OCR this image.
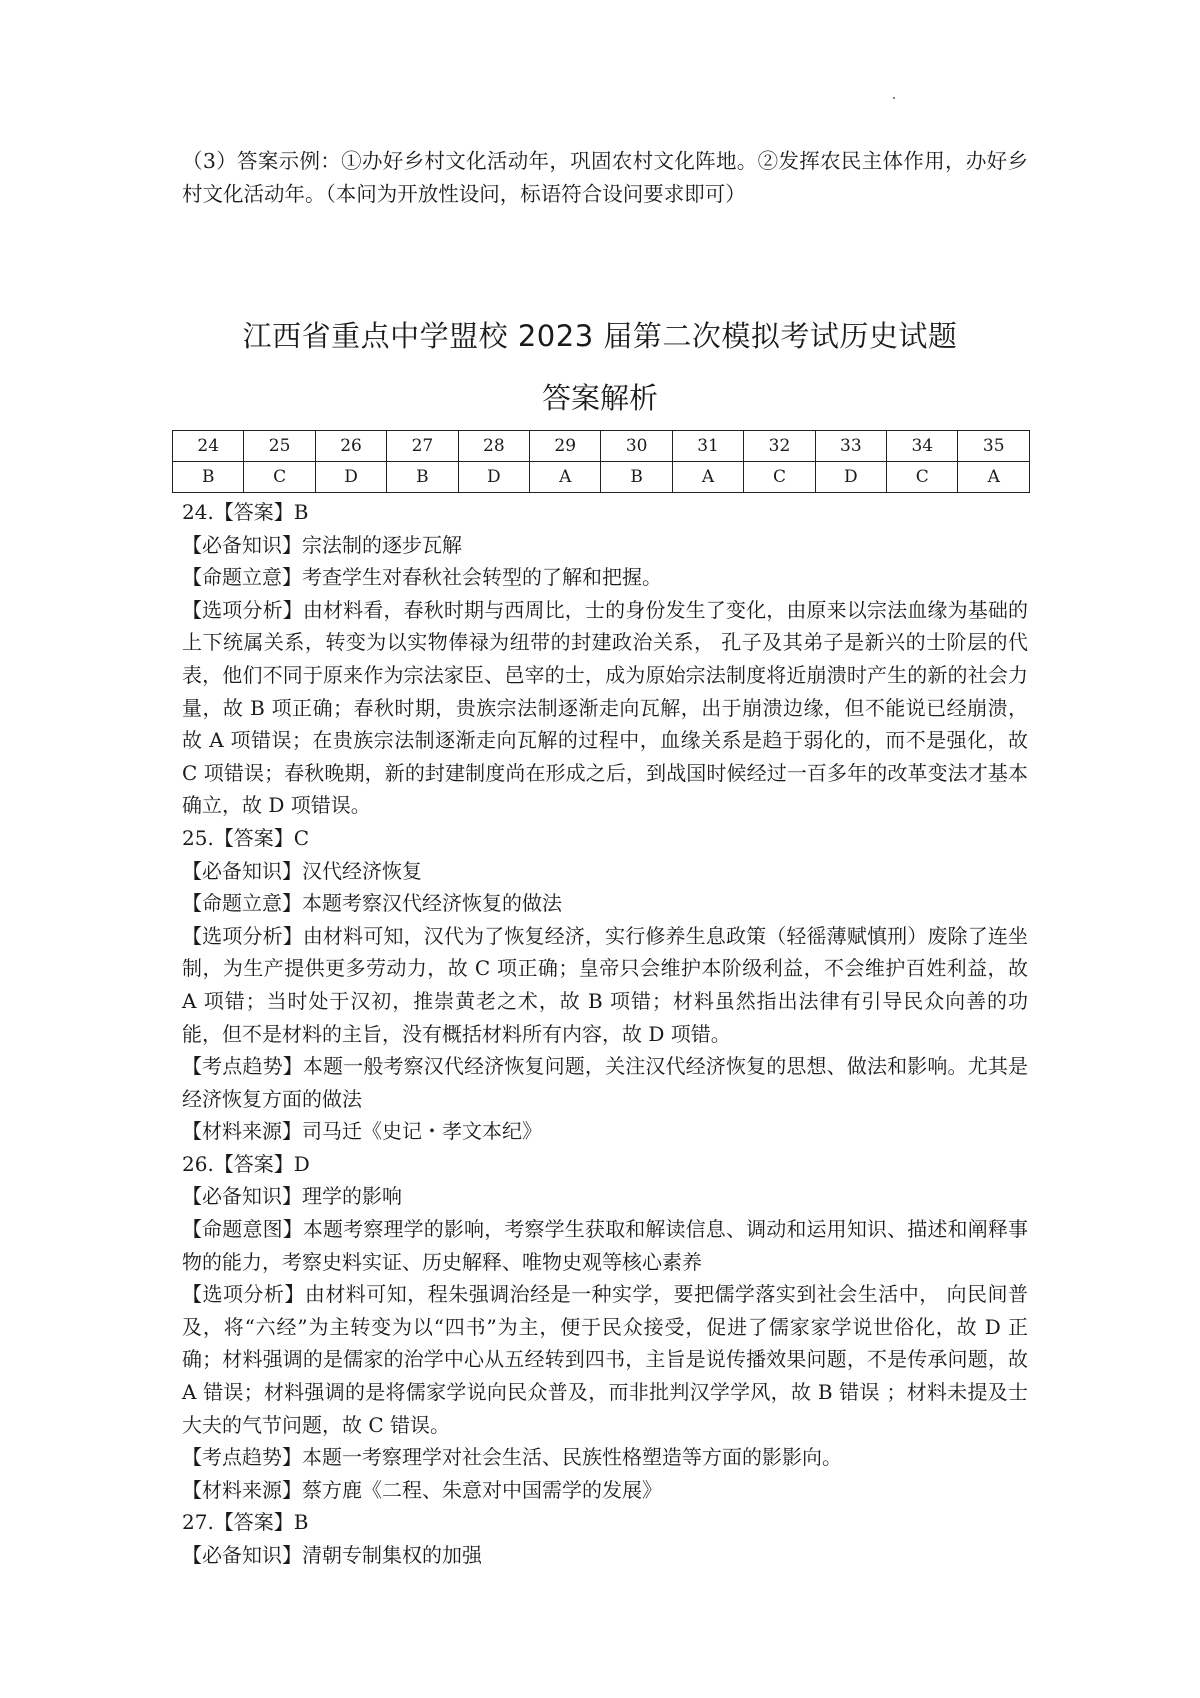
（3）答案示例：①办好乡村文化活动年，巩固农村文化阵地。②发挥农民主体作用，办好乡村文化活动年。（本问为开放性设问，标语符合设问要求即可）

江西省重点中学盟校 2023 届第二次模拟考试历史试题
答案解析
24	25	26	27	28	29	30	31	32	33	34	35
B	C	D	B	D	A	B	A	C	D	C	A

24.【答案】B

【必备知识】宗法制的逐步瓦解

【命题立意】考查学生对春秋社会转型的了解和把握。

【选项分析】由材料看，春秋时期与西周比，士的身份发生了变化，由原来以宗法血缘为基础的上下统属关系，转变为以实物俸禄为纽带的封建政治关系， 孔子及其弟子是新兴的士阶层的代表，他们不同于原来作为宗法家臣、邑宰的士，成为原始宗法制度将近崩溃时产生的新的社会力量，故 B 项正确；春秋时期，贵族宗法制逐渐走向瓦解，出于崩溃边缘，但不能说已经崩溃，故 A 项错误；在贵族宗法制逐渐走向瓦解的过程中，血缘关系是趋于弱化的，而不是强化，故 C 项错误；春秋晚期，新的封建制度尚在形成之后，到战国时候经过一百多年的改革变法才基本确立，故 D 项错误。

25.【答案】C

【必备知识】汉代经济恢复

【命题立意】本题考察汉代经济恢复的做法

【选项分析】由材料可知，汉代为了恢复经济，实行修养生息政策（轻徭薄赋慎刑）废除了连坐制，为生产提供更多劳动力，故 C 项正确；皇帝只会维护本阶级利益，不会维护百姓利益，故 A 项错；当时处于汉初，推崇黄老之术，故 B 项错；材料虽然指出法律有引导民众向善的功能，但不是材料的主旨，没有概括材料所有内容，故 D 项错。

【考点趋势】本题一般考察汉代经济恢复问题，关注汉代经济恢复的思想、做法和影响。尤其是经济恢复方面的做法

【材料来源】司马迁《史记・孝文本纪》

26.【答案】D

【必备知识】理学的影响

【命题意图】本题考察理学的影响，考察学生获取和解读信息、调动和运用知识、描述和阐释事物的能力，考察史料实证、历史解释、唯物史观等核心素养

【选项分析】由材料可知，程朱强调治经是一种实学，要把儒学落实到社会生活中， 向民间普及，将“六经”为主转变为以“四书”为主，便于民众接受，促进了儒家家学说世俗化，故 D 正确；材料强调的是儒家的治学中心从五经转到四书，主旨是说传播效果问题，不是传承问题，故 A 错误；材料强调的是将儒家学说向民众普及，而非批判汉学学风，故 B 错误 ；材料未提及士大夫的气节问题，故 C 错误。

【考点趋势】本题一考察理学对社会生活、民族性格塑造等方面的影影向。

【材料来源】蔡方鹿《二程、朱意对中国需学的发展》

27.【答案】B

【必备知识】清朝专制集权的加强
